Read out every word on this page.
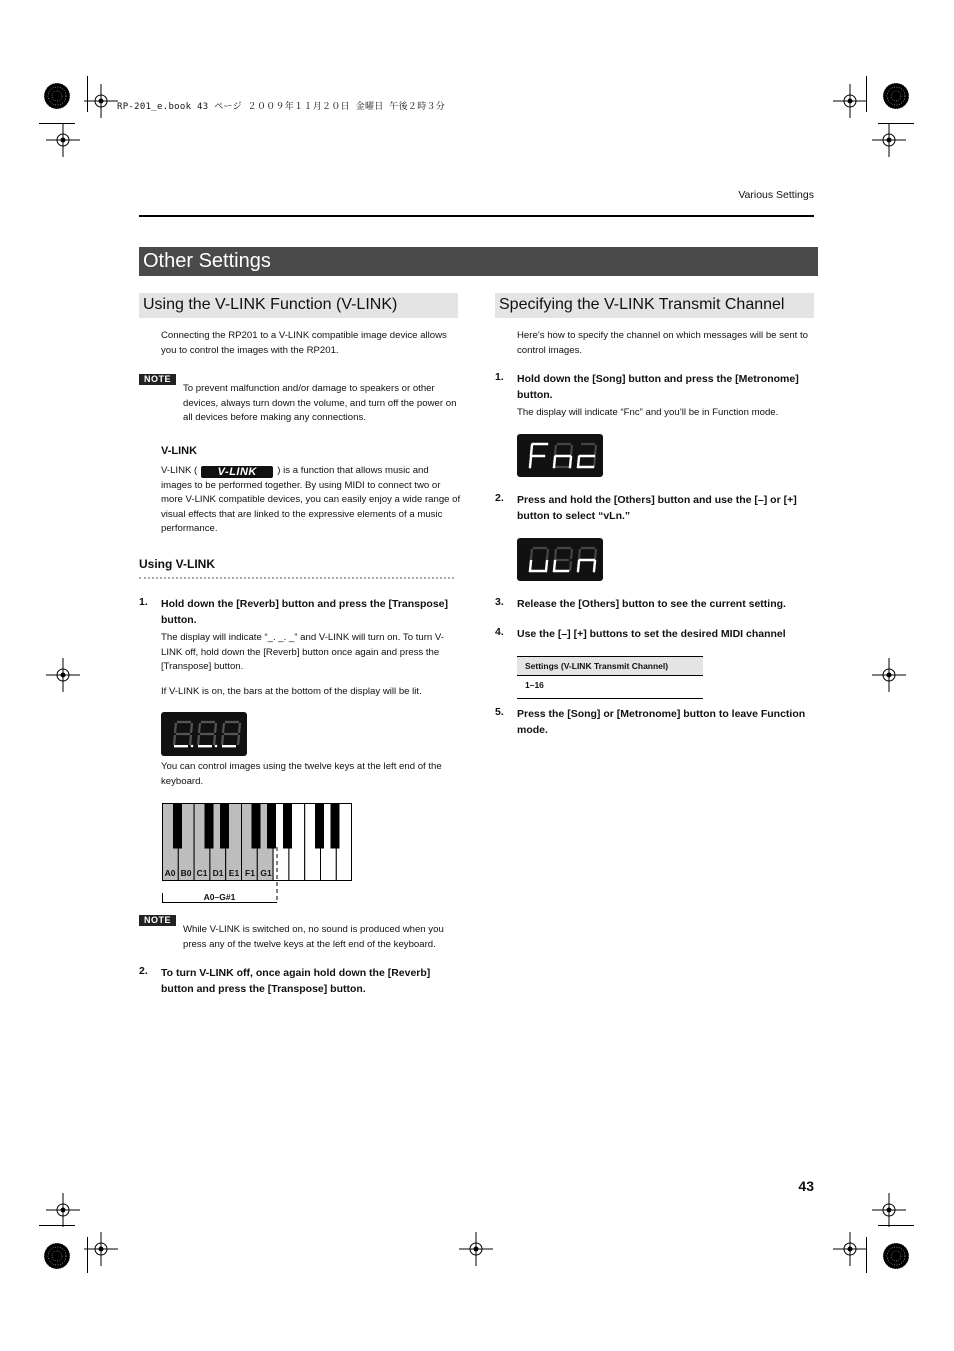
RP-201_e.book 43 ページ ２００９年１１月２０日 金曜日 午後２時３分
Various Settings
Other Settings
Using the V-LINK Function (V-LINK)
Connecting the RP201 to a V-LINK compatible image device allows you to control the images with the RP201.
NOTE
To prevent malfunction and/or damage to speakers or other devices, always turn down the volume, and turn off the power on all devices before making any connections.
V-LINK
V-LINK ( V-LINK ) is a function that allows music and images to be performed together. By using MIDI to connect two or more V-LINK compatible devices, you can easily enjoy a wide range of visual effects that are linked to the expressive elements of a music performance.
Using V-LINK
1. Hold down the [Reverb] button and press the [Transpose] button.
The display will indicate “_. _. _” and V-LINK will turn on. To turn V-LINK off, hold down the [Reverb] button once again and press the [Transpose] button.
If V-LINK is on, the bars at the bottom of the display will be lit.
You can control images using the twelve keys at the left end of the keyboard.
A0 B0 C1 D1 E1 F1 G1
A0–G#1
NOTE
While V-LINK is switched on, no sound is produced when you press any of the twelve keys at the left end of the keyboard.
2. To turn V-LINK off, once again hold down the [Reverb] button and press the [Transpose] button.
Specifying the V-LINK Transmit Channel
Here’s how to specify the channel on which messages will be sent to control images.
1. Hold down the [Song] button and press the [Metronome] button.
The display will indicate “Fnc” and you’ll be in Function mode.
2. Press and hold the [Others] button and use the [–] or [+] button to select “vLn.”
3. Release the [Others] button to see the current setting.
4. Use the [–] [+] buttons to set the desired MIDI channel
Settings (V-LINK Transmit Channel)
1–16
5. Press the [Song] or [Metronome] button to leave Function mode.
43
